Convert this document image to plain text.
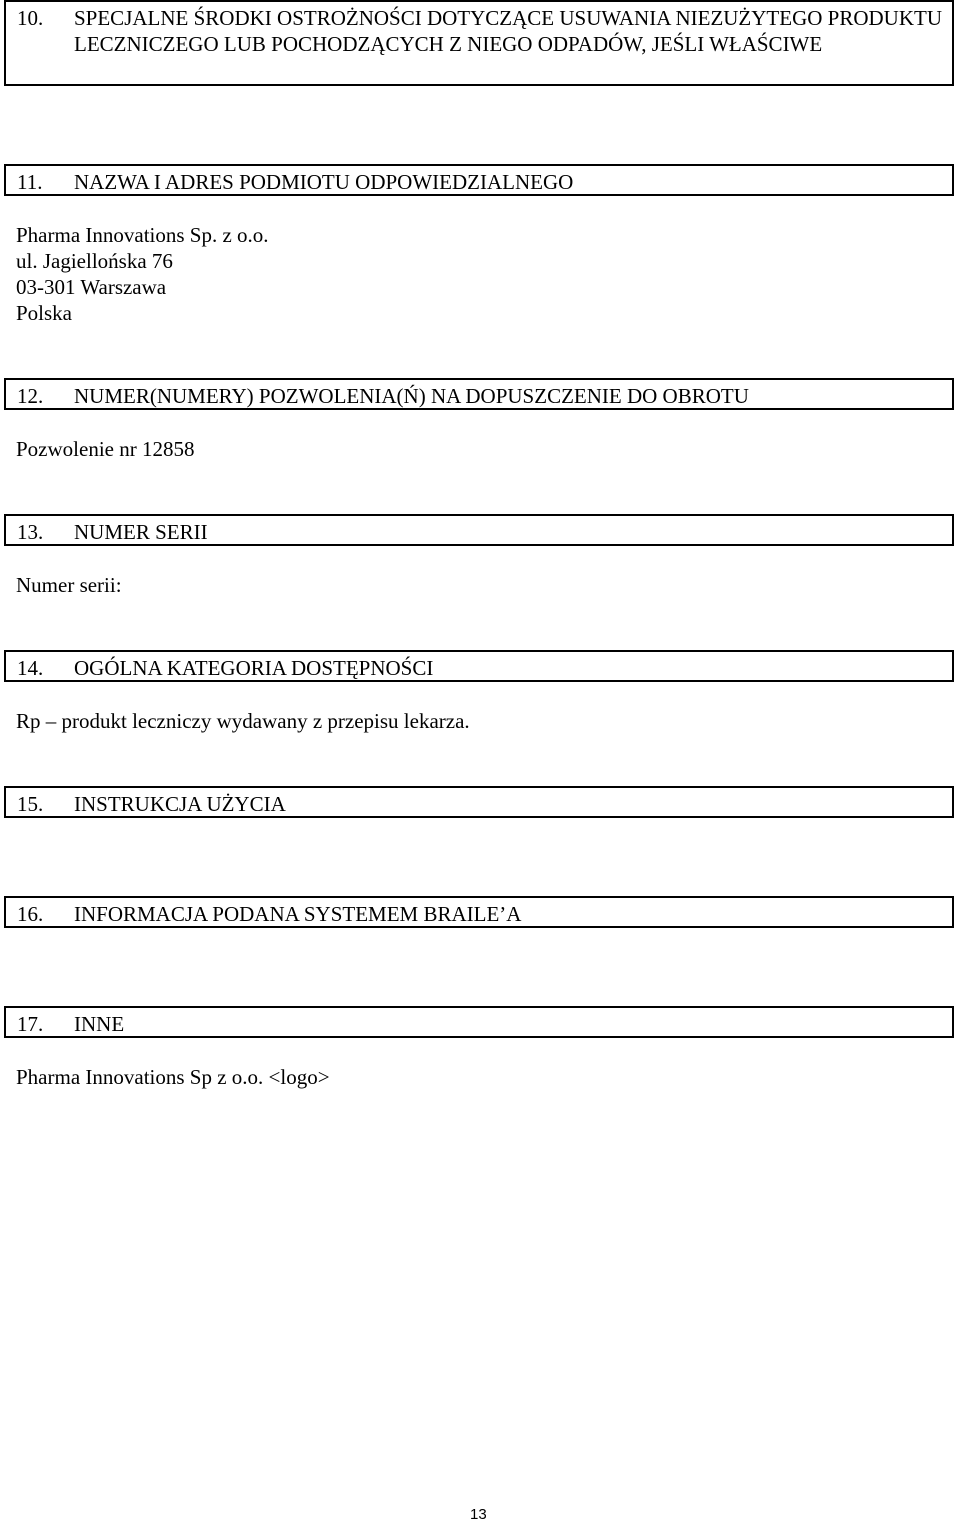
10. SPECJALNE ŚRODKI OSTROŻNOŚCI DOTYCZĄCE USUWANIA NIEZUŻYTEGO PRODUKTU LECZNICZEGO LUB POCHODZĄCYCH Z NIEGO ODPADÓW, JEŚLI WŁAŚCIWE
11. NAZWA I ADRES PODMIOTU ODPOWIEDZIALNEGO
Pharma Innovations Sp. z o.o.
ul. Jagiellońska 76
03-301 Warszawa
Polska
12. NUMER(NUMERY) POZWOLENIA(Ń) NA DOPUSZCZENIE DO OBROTU
Pozwolenie nr 12858
13. NUMER SERII
Numer serii:
14. OGÓLNA KATEGORIA DOSTĘPNOŚCI
Rp – produkt leczniczy wydawany z przepisu lekarza.
15. INSTRUKCJA UŻYCIA
16. INFORMACJA PODANA SYSTEMEM BRAILE’A
17. INNE
Pharma Innovations Sp z o.o. <logo>
13
